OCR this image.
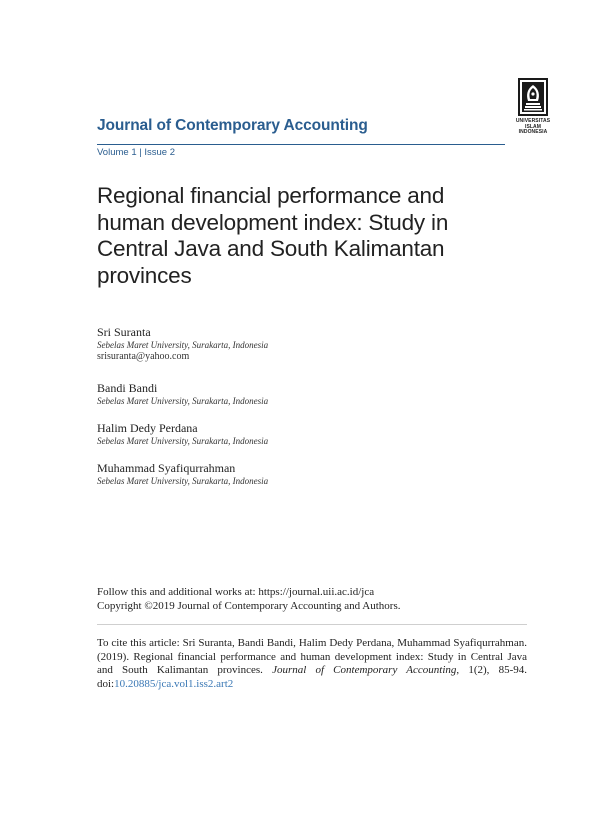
Journal of Contemporary Accounting
Volume 1 | Issue 2
UNIVERSITAS
ISLAM
INDONESIA
Regional financial performance and
human development index: Study in
Central Java and South Kalimantan
provinces
Sri Suranta
Sebelas Maret University, Surakarta, Indonesia
srisuranta@yahoo.com
Bandi Bandi
Sebelas Maret University, Surakarta, Indonesia
Halim Dedy Perdana
Sebelas Maret University, Surakarta, Indonesia
Muhammad Syafiqurrahman
Sebelas Maret University, Surakarta, Indonesia
Follow this and additional works at: https://journal.uii.ac.id/jca
Copyright ©2019 Journal of Contemporary Accounting and Authors.
To cite this article: Sri Suranta, Bandi Bandi, Halim Dedy Perdana, Muhammad Syafiqurrahman. (2019). Regional financial performance and human development index: Study in Central Java and South Kalimantan provinces. Journal of Contemporary Accounting, 1(2), 85-94. doi:10.20885/jca.vol1.iss2.art2
